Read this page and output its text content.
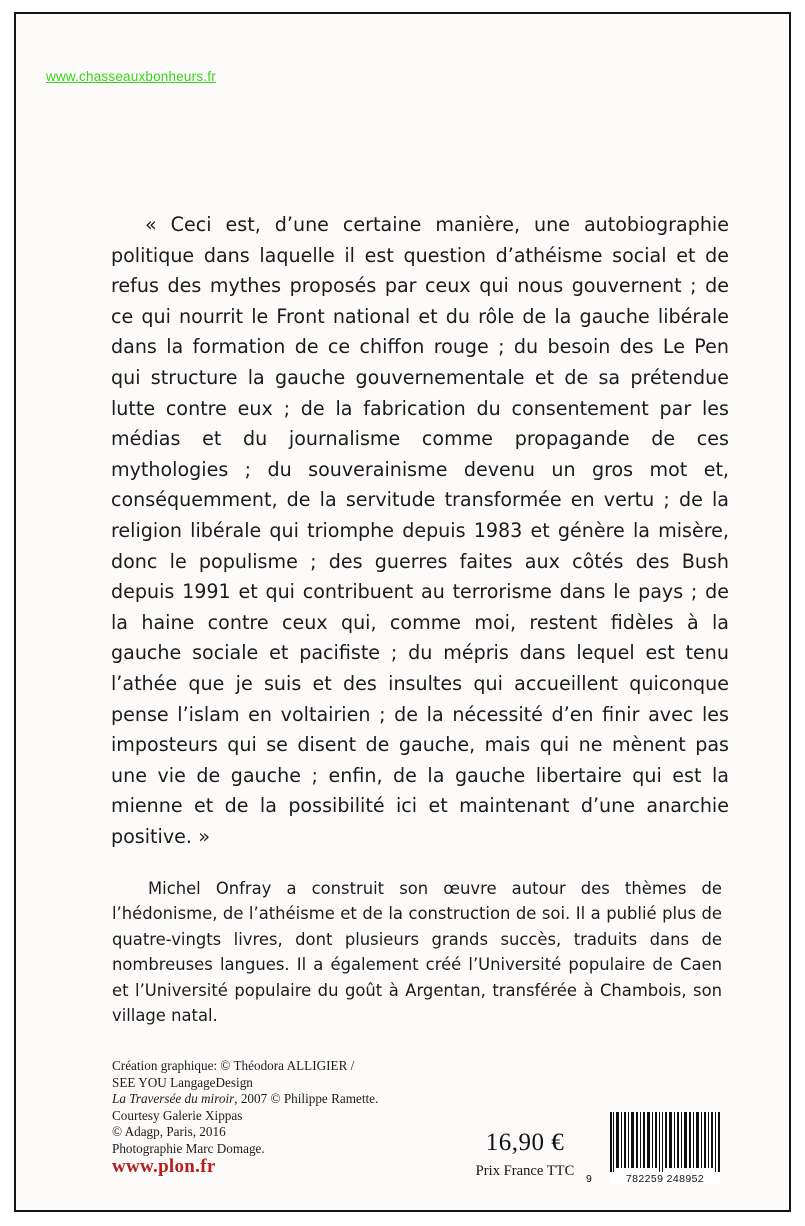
www.chasseauxbonheurs.fr
« Ceci est, d’une certaine manière, une autobiographie politique dans laquelle il est question d’athéisme social et de refus des mythes proposés par ceux qui nous gouvernent ; de ce qui nourrit le Front national et du rôle de la gauche libérale dans la formation de ce chiffon rouge ; du besoin des Le Pen qui structure la gauche gouvernementale et de sa prétendue lutte contre eux ; de la fabrication du consentement par les médias et du journalisme comme propagande de ces mythologies ; du souverainisme devenu un gros mot et, conséquemment, de la servitude transformée en vertu ; de la religion libérale qui triomphe depuis 1983 et génère la misère, donc le populisme ; des guerres faites aux côtés des Bush depuis 1991 et qui contribuent au terrorisme dans le pays ; de la haine contre ceux qui, comme moi, restent fidèles à la gauche sociale et pacifiste ; du mépris dans lequel est tenu l’athée que je suis et des insultes qui accueillent quiconque pense l’islam en voltairien ; de la nécessité d’en finir avec les imposteurs qui se disent de gauche, mais qui ne mènent pas une vie de gauche ; enfin, de la gauche libertaire qui est la mienne et de la possibilité ici et maintenant d’une anarchie positive. »
Michel Onfray a construit son œuvre autour des thèmes de l’hédonisme, de l’athéisme et de la construction de soi. Il a publié plus de quatre-vingts livres, dont plusieurs grands succès, traduits dans de nombreuses langues. Il a également créé l’Université populaire de Caen et l’Université populaire du goût à Argentan, transférée à Chambois, son village natal.
Création graphique: © Théodora ALLIGIER /
SEE YOU LangageDesign
La Traversée du miroir, 2007 © Philippe Ramette.
Courtesy Galerie Xippas
© Adagp, Paris, 2016
Photographie Marc Domage.
www.plon.fr
16,90 €
Prix France TTC	9	782259 248952
